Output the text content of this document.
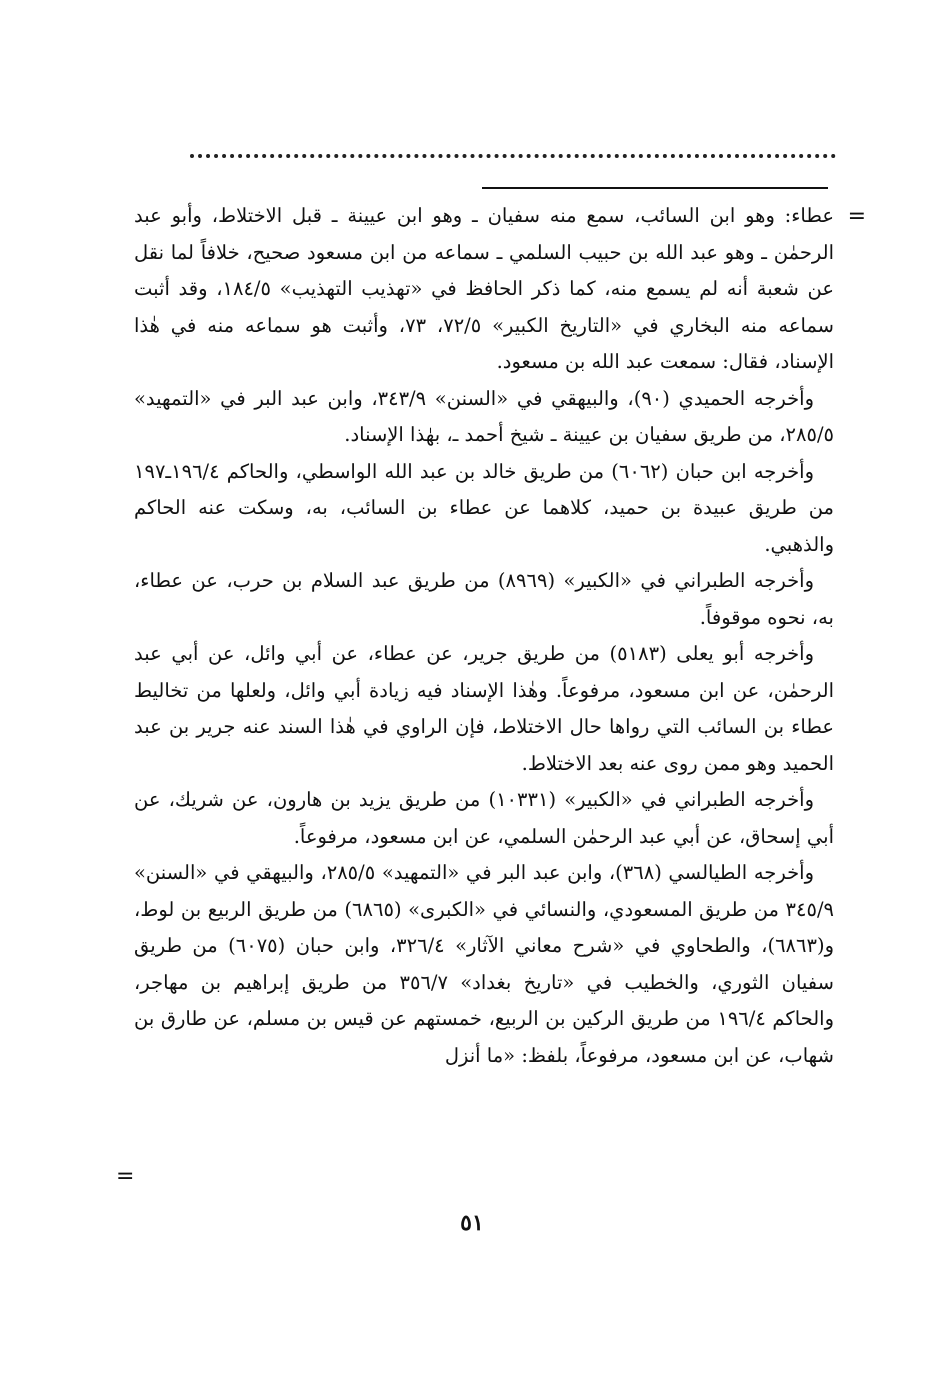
=

عطاء: وهو ابن السائب، سمع منه سفيان ـ وهو ابن عيينة ـ قبل الاختلاط، وأبو عبد الرحمٰن ـ وهو عبد الله بن حبيب السلمي ـ سماعه من ابن مسعود صحيح، خلافاً لما نقل عن شعبة أنه لم يسمع منه، كما ذكر الحافظ في «تهذيب التهذيب» ١٨٤/٥، وقد أثبت سماعه منه البخاري في «التاريخ الكبير» ٧٢/٥، ٧٣، وأثبت هو سماعه منه في هٰذا الإسناد، فقال: سمعت عبد الله بن مسعود.

وأخرجه الحميدي (٩٠)، والبيهقي في «السنن» ٣٤٣/٩، وابن عبد البر في «التمهيد» ٢٨٥/٥، من طريق سفيان بن عيينة ـ شيخ أحمد ـ، بهٰذا الإسناد.

وأخرجه ابن حبان (٦٠٦٢) من طريق خالد بن عبد الله الواسطي، والحاكم ١٩٦/٤ـ١٩٧ من طريق عبيدة بن حميد، كلاهما عن عطاء بن السائب، به، وسكت عنه الحاكم والذهبي.

وأخرجه الطبراني في «الكبير» (٨٩٦٩) من طريق عبد السلام بن حرب، عن عطاء، به، نحوه موقوفاً.

وأخرجه أبو يعلى (٥١٨٣) من طريق جرير، عن عطاء، عن أبي وائل، عن أبي عبد الرحمٰن، عن ابن مسعود، مرفوعاً. وهٰذا الإسناد فيه زيادة أبي وائل، ولعلها من تخاليط عطاء بن السائب التي رواها حال الاختلاط، فإن الراوي في هٰذا السند عنه جرير بن عبد الحميد وهو ممن روى عنه بعد الاختلاط.

وأخرجه الطبراني في «الكبير» (١٠٣٣١) من طريق يزيد بن هارون، عن شريك، عن أبي إسحاق، عن أبي عبد الرحمٰن السلمي، عن ابن مسعود، مرفوعاً.

وأخرجه الطيالسي (٣٦٨)، وابن عبد البر في «التمهيد» ٢٨٥/٥، والبيهقي في «السنن» ٣٤٥/٩ من طريق المسعودي، والنسائي في «الكبرى» (٦٨٦٥) من طريق الربيع بن لوط، و(٦٨٦٣)، والطحاوي في «شرح معاني الآثار» ٣٢٦/٤، وابن حبان (٦٠٧٥) من طريق سفيان الثوري، والخطيب في «تاريخ بغداد» ٣٥٦/٧ من طريق إبراهيم بن مهاجر، والحاكم ١٩٦/٤ من طريق الركين بن الربيع، خمستهم عن قيس بن مسلم، عن طارق بن شهاب، عن ابن مسعود، مرفوعاً، بلفظ: «ما أنزل

=
٥١
